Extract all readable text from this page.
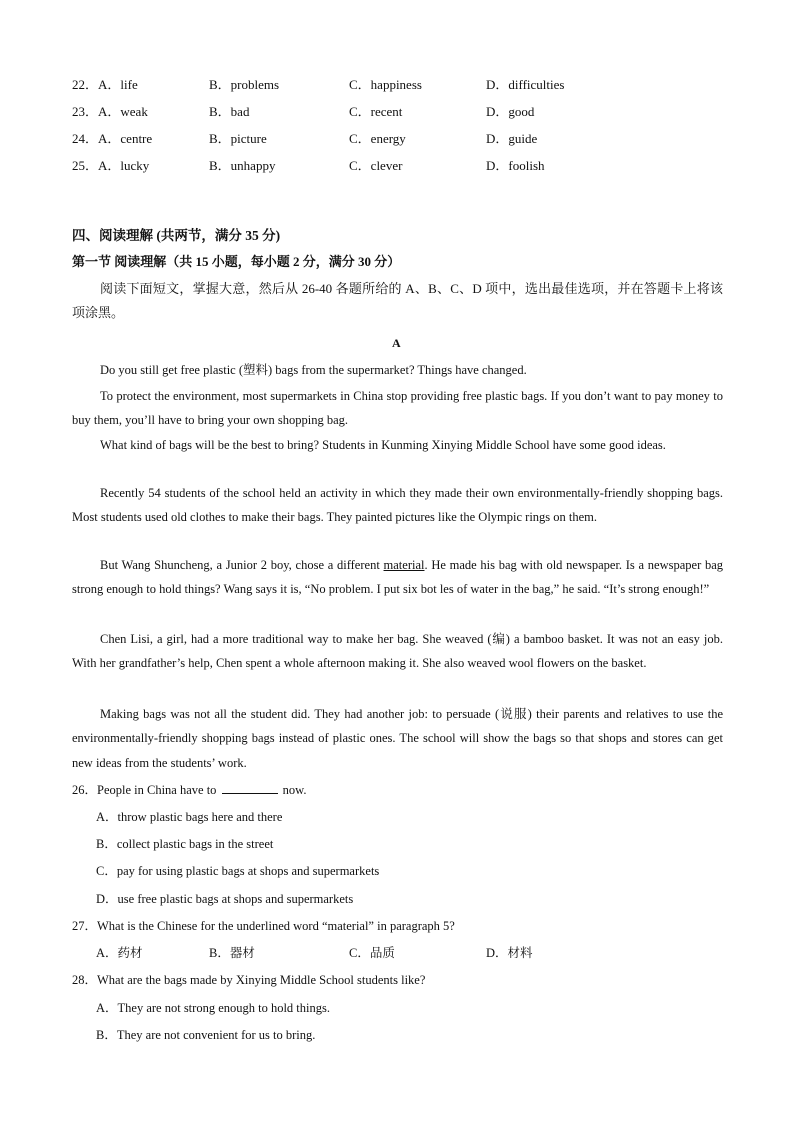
22．A．life	B．problems	C．happiness	D．difficulties
23．A．weak	B．bad	C．recent	D．good
24．A．centre	B．picture	C．energy	D．guide
25．A．lucky	B．unhappy	C．clever	D．foolish
四、阅读理解 (共两节，满分 35 分)
第一节 阅读理解（共 15 小题，每小题 2 分，满分 30 分）
阅读下面短文，掌握大意，然后从 26-40 各题所给的 A、B、C、D 项中，选出最佳选项，并在答题卡上将该项涂黑。
A
Do you still get free plastic (塑料) bags from the supermarket? Things have changed.
To protect the environment, most supermarkets in China stop providing free plastic bags. If you don’t want to pay money to buy them, you’ll have to bring your own shopping bag.
What kind of bags will be the best to bring? Students in Kunming Xinying Middle School have some good ideas.
Recently 54 students of the school held an activity in which they made their own environmentally-friendly shopping bags. Most students used old clothes to make their bags. They painted pictures like the Olympic rings on them.
But Wang Shuncheng, a Junior 2 boy, chose a different material. He made his bag with old newspaper. Is a newspaper bag strong enough to hold things? Wang says it is, “No problem. I put six bot les of water in the bag,” he said. “It’s strong enough!”
Chen Lisi, a girl, had a more traditional way to make her bag. She weaved (编) a bamboo basket. It was not an easy job. With her grandfather’s help, Chen spent a whole afternoon making it. She also weaved wool flowers on the basket.
Making bags was not all the student did. They had another job: to persuade (说服) their parents and relatives to use the environmentally-friendly shopping bags instead of plastic ones. The school will show the bags so that shops and stores can get new ideas from the students’ work.
26．People in China have to	now.
A．throw plastic bags here and there
B．collect plastic bags in the street
C．pay for using plastic bags at shops and supermarkets
D．use free plastic bags at shops and supermarkets
27．What is the Chinese for the underlined word “material” in paragraph 5?
A．药材	B．器材	C．品质	D．材料
28．What are the bags made by Xinying Middle School students like?
A．They are not strong enough to hold things.
B．They are not convenient for us to bring.
